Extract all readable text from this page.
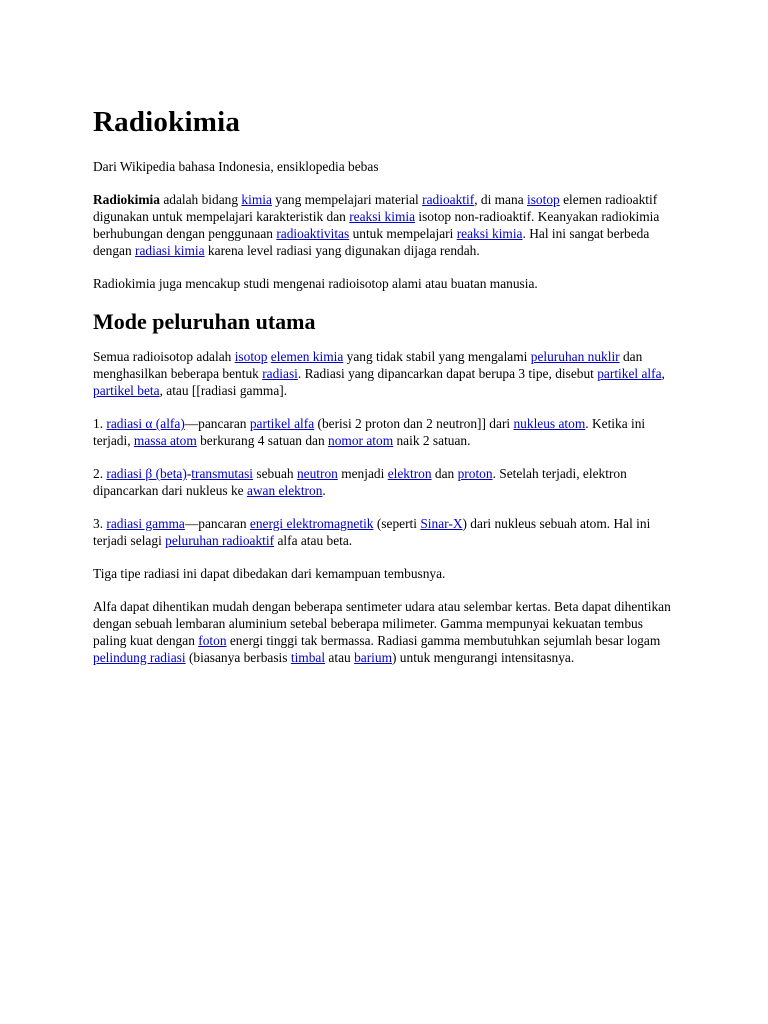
Radiokimia

Dari Wikipedia bahasa Indonesia, ensiklopedia bebas

Radiokimia adalah bidang kimia yang mempelajari material radioaktif, di mana isotop elemen radioaktif digunakan untuk mempelajari karakteristik dan reaksi kimia isotop non-radioaktif. Keanyakan radiokimia berhubungan dengan penggunaan radioaktivitas untuk mempelajari reaksi kimia. Hal ini sangat berbeda dengan radiasi kimia karena level radiasi yang digunakan dijaga rendah.

Radiokimia juga mencakup studi mengenai radioisotop alami atau buatan manusia.

Mode peluruhan utama

Semua radioisotop adalah isotop elemen kimia yang tidak stabil yang mengalami peluruhan nuklir dan menghasilkan beberapa bentuk radiasi. Radiasi yang dipancarkan dapat berupa 3 tipe, disebut partikel alfa, partikel beta, atau [[radiasi gamma].

1. radiasi α (alfa)—pancaran partikel alfa (berisi 2 proton dan 2 neutron]] dari nukleus atom. Ketika ini terjadi, massa atom berkurang 4 satuan dan nomor atom naik 2 satuan.

2. radiasi β (beta)-transmutasi sebuah neutron menjadi elektron dan proton. Setelah terjadi, elektron dipancarkan dari nukleus ke awan elektron.

3. radiasi gamma—pancaran energi elektromagnetik (seperti Sinar-X) dari nukleus sebuah atom. Hal ini terjadi selagi peluruhan radioaktif alfa atau beta.

Tiga tipe radiasi ini dapat dibedakan dari kemampuan tembusnya.

Alfa dapat dihentikan mudah dengan beberapa sentimeter udara atau selembar kertas. Beta dapat dihentikan dengan sebuah lembaran aluminium setebal beberapa milimeter. Gamma mempunyai kekuatan tembus paling kuat dengan foton energi tinggi tak bermassa. Radiasi gamma membutuhkan sejumlah besar logam pelindung radiasi (biasanya berbasis timbal atau barium) untuk mengurangi intensitasnya.
